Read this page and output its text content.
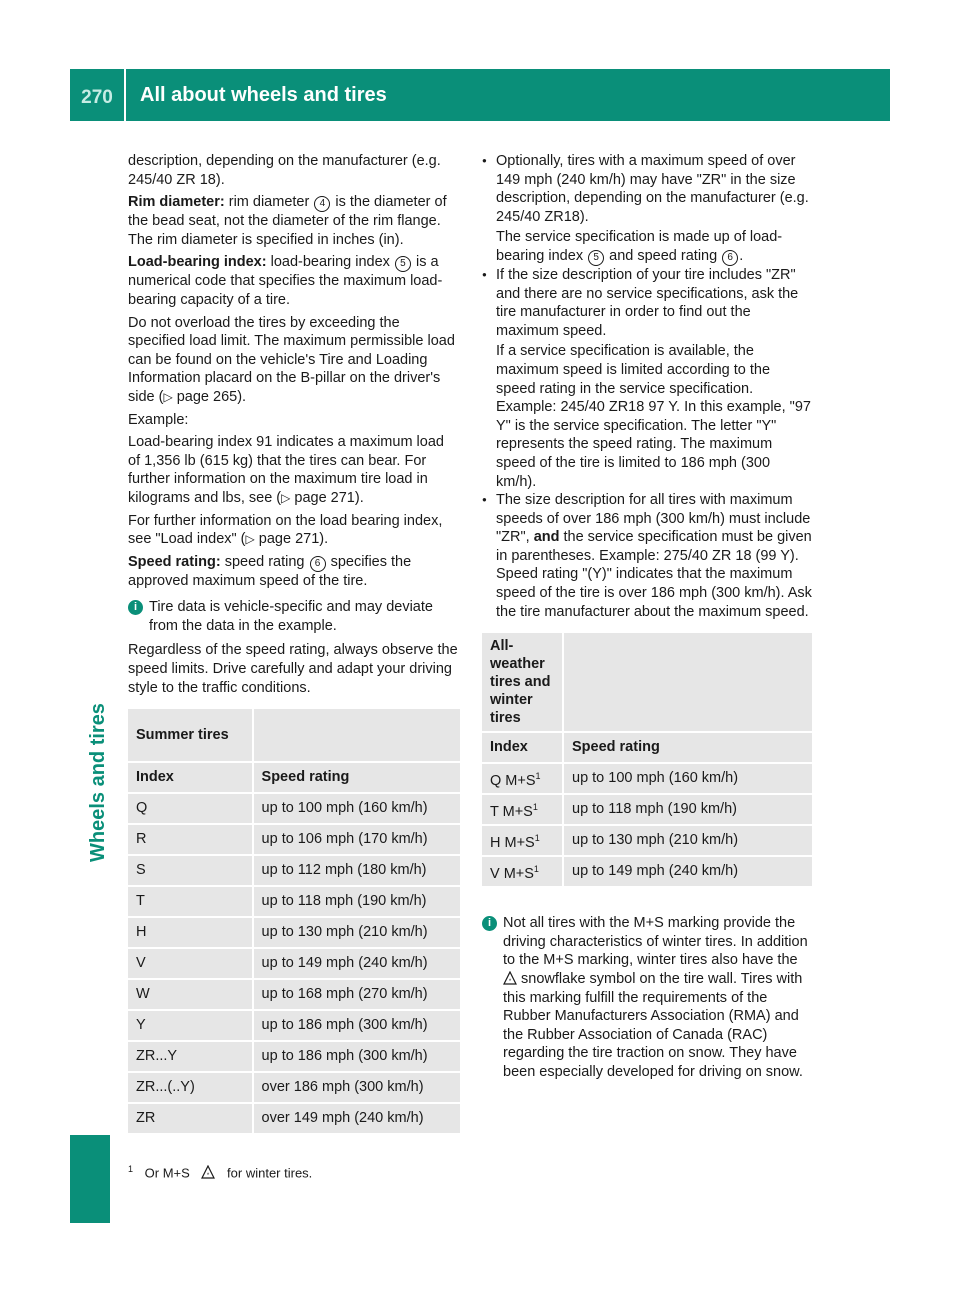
270	All about wheels and tires
Wheels and tires

description, depending on the manufacturer (e.g. 245/40 ZR 18).

Rim diameter: rim diameter 4 is the diameter of the bead seat, not the diameter of the rim flange. The rim diameter is specified in inches (in).

Load-bearing index: load-bearing index 5 is a numerical code that specifies the maximum load-bearing capacity of a tire.

Do not overload the tires by exceeding the specified load limit. The maximum permissible load can be found on the vehicle's Tire and Loading Information placard on the B-pillar on the driver's side (▷ page 265).

Example:

Load-bearing index 91 indicates a maximum load of 1,356 lb (615 kg) that the tires can bear. For further information on the maximum tire load in kilograms and lbs, see (▷ page 271).

For further information on the load bearing index, see "Load index" (▷ page 271).

Speed rating: speed rating 6 specifies the approved maximum speed of the tire.

i Tire data is vehicle-specific and may deviate from the data in the example.

Regardless of the speed rating, always observe the speed limits. Drive carefully and adapt your driving style to the traffic conditions.

Summer tires	
Index	Speed rating
Q	up to 100 mph (160 km/h)
R	up to 106 mph (170 km/h)
S	up to 112 mph (180 km/h)
T	up to 118 mph (190 km/h)
H	up to 130 mph (210 km/h)
V	up to 149 mph (240 km/h)
W	up to 168 mph (270 km/h)
Y	up to 186 mph (300 km/h)
ZR...Y	up to 186 mph (300 km/h)
ZR...(..Y)	over 186 mph (300 km/h)
ZR	over 149 mph (240 km/h)
● Optionally, tires with a maximum speed of over 149 mph (240 km/h) may have "ZR" in the size description, depending on the manufacturer (e.g. 245/40 ZR18).
The service specification is made up of load-bearing index 5 and speed rating 6 .
● If the size description of your tire includes "ZR" and there are no service specifications, ask the tire manufacturer in order to find out the maximum speed.
If a service specification is available, the maximum speed is limited according to the speed rating in the service specification. Example: 245/40 ZR18 97 Y. In this example, "97 Y" is the service specification. The letter "Y" represents the speed rating. The maximum speed of the tire is limited to 186 mph (300 km/h).
● The size description for all tires with maximum speeds of over 186 mph (300 km/h) must include "ZR", and the service specification must be given in parentheses. Example: 275/40 ZR 18 (99 Y). Speed rating "(Y)" indicates that the maximum speed of the tire is over 186 mph (300 km/h). Ask the tire manufacturer about the maximum speed.
All-weather tires and winter tires	
Index	Speed rating
Q $M+S^1$	up to 100 mph (160 km/h)
T $M+S^1$	up to 118 mph (190 km/h)
H $M+S^1$	up to 130 mph (210 km/h)
V $M+S^1$	up to 149 mph (240 km/h)
i Not all tires with the M+S marking provide the driving characteristics of winter tires. In addition to the M+S marking, winter tires also have the
* snowflake symbol on the tire wall. Tires with this marking fulfill the requirements of the Rubber Manufacturers Association (RMA) and the Rubber Association of Canada (RAC) regarding the tire traction on snow. They have been especially developed for driving on snow.
$^1$ Or M+S	* for winter tires.
